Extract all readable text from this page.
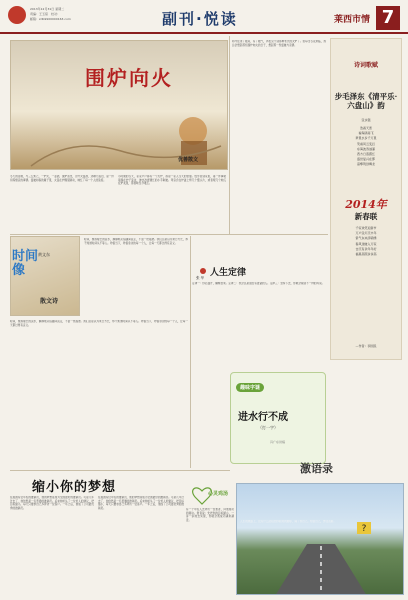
2013年12月31日 星期二
责编：王玉琼　校对：
邮箱：zdb9900000163.com	副刊·悦读	莱西市情 7
围炉向火
优善散文
冬天的夜晚，与三五知己，一炉火，一壶酒，围炉而坐，边升火温酒，边聊天叙旧，是一件何等惬意的事情。温暖如春的屋子里，火苗在炉膛里跳动，映红了每一个人的脸庞。
小时候的冬天，家家户户都有一个火炉，那是一家人冬天的依靠。放学回到家里，第一件事就是围在炉子旁边，伸出冻得通红的小手取暖。母亲会在炉盖上烤几个馒头片，或者埋几个地瓜在炉灰里，那香味至今难忘。
如今住进了楼房，有了暖气，再也见不到那种老式的火炉了。但每当冬夜来临，我总会想起那些围炉向火的日子，想起那一份温暖与亲情。
诗词歌赋
步毛泽东《清平乐·六盘山》韵
张永强
浩淼天宽
看海鸥南飞
梦里水乡千万里
笑看风云变幻
东海波涛汹涌
西方日落霞红
盛世复兴在即
高擎利剑缚龙
2014年
新春联
千家欢笑迎新岁
万户张灯庆丰年
紫气东来添锦绣
春风送暖入万家
吉庆有余年年好
福星高照步步高
—作者：李国民
时间
像
散文诗
黄文东
时间，像那瘦长的流水，静静地从指缝间流走，不留一丝痕迹。我们总是以为来日方长，却不知道时间从不等人。珍惜当下，珍惜身边的每一个人，让每一天都过得有意义。
时间，像那瘦长的流水，静静地从指缝间流走，不留一丝痕迹。我们总是以为来日方长，却不知道时间从不等人。珍惜当下，珍惜身边的每一个人，让每一天都过得有意义。
人生定律
张 华
定律一：你若盛开，蝴蝶自来。定律二：机会总是留给有准备的人。定律三：坚持下去，你就会看到不一样的风景。
趣味字谜
进水行不成
（打一字）
冯广东供稿
缩小你的梦想
在美国有位年轻的推销员，他的梦想是成为全国最好的推销员。可是几年过去了，他依然是一名普通的推销员。后来他听从了一位老人的建议，把目标缩小，每天只要求自己多拜访一位客户。一年之后，他成了公司最优秀的推销员。
在美国有位年轻的推销员，他的梦想是成为全国最好的推销员。可是几年过去了，他依然是一名普通的推销员。后来他听从了一位老人的建议，把目标缩小，每天只要求自己多拜访一位客户。一年之后，他成了公司最优秀的推销员。
心灵鸡汤
有一个年轻人去拜访一位智者，问他成功的秘诀。智者说：先把你的目标缩小，一步一步地去实现，你就会离成功越来越近。
激语录
?
人生的道路上，没有什么能阻挡你前进的脚步，除了你自己。相信自己，勇往直前。
